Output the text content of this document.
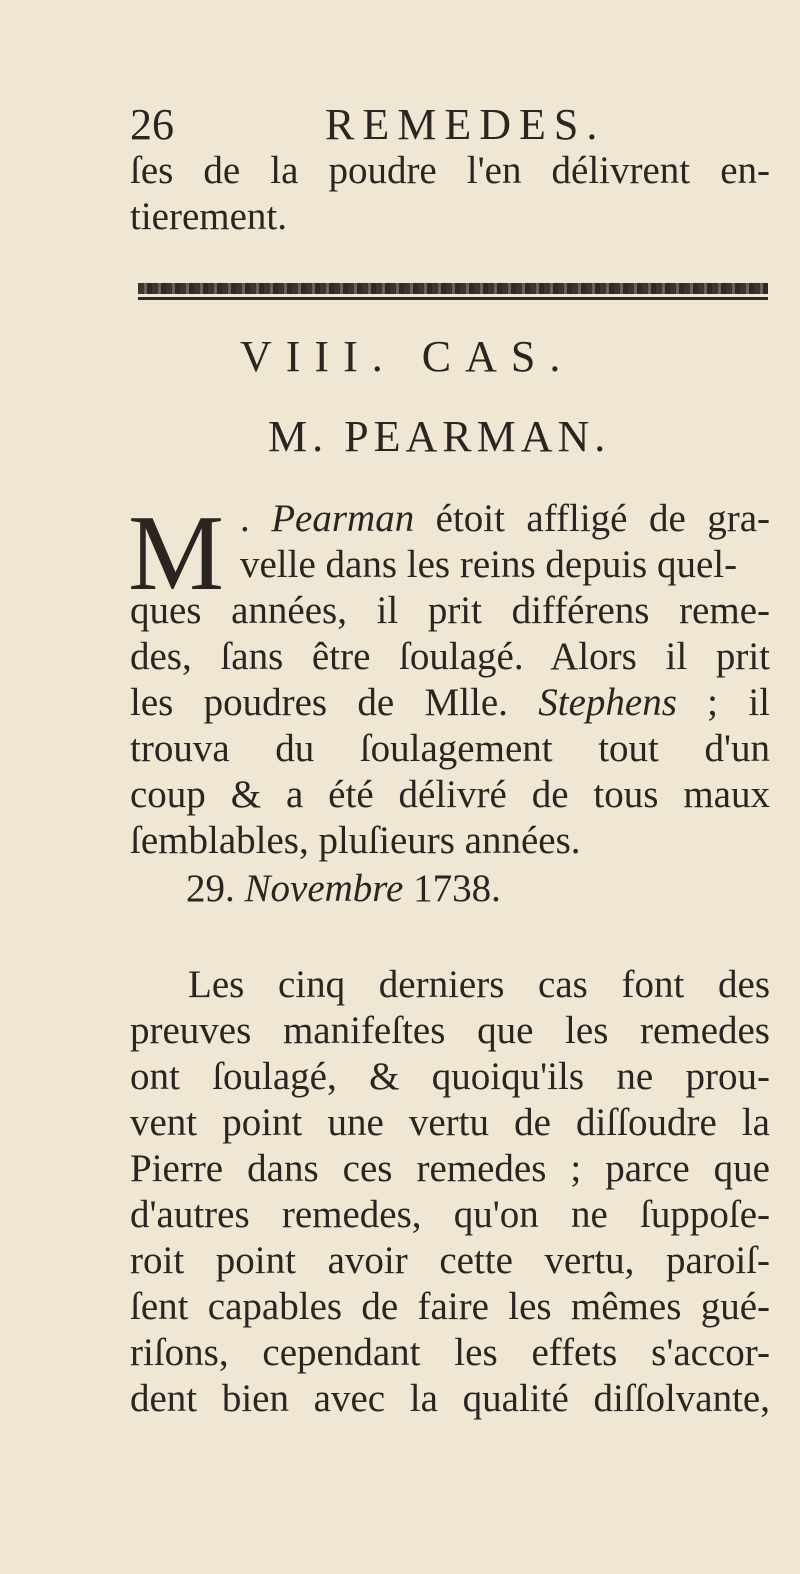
26	REMEDES.
ſes de la poudre l'en délivrent en-
tierement.
VIII. CAS.
M. PEARMAN.
M . Pearman étoit affligé de gra-
velle dans les reins depuis quel-
ques années, il prit différens reme-
des, ſans être ſoulagé. Alors il prit
les poudres de Mlle. Stephens ; il
trouva du ſoulagement tout d'un
coup & a été délivré de tous maux
ſemblables, pluſieurs années.
29. Novembre 1738.
Les cinq derniers cas font des
preuves manifeſtes que les remedes
ont ſoulagé, & quoiqu'ils ne prou-
vent point une vertu de diſſoudre la
Pierre dans ces remedes ; parce que
d'autres remedes, qu'on ne ſuppoſe-
roit point avoir cette vertu, paroiſ-
ſent capables de faire les mêmes gué-
riſons, cependant les effets s'accor-
dent bien avec la qualité diſſolvante,
